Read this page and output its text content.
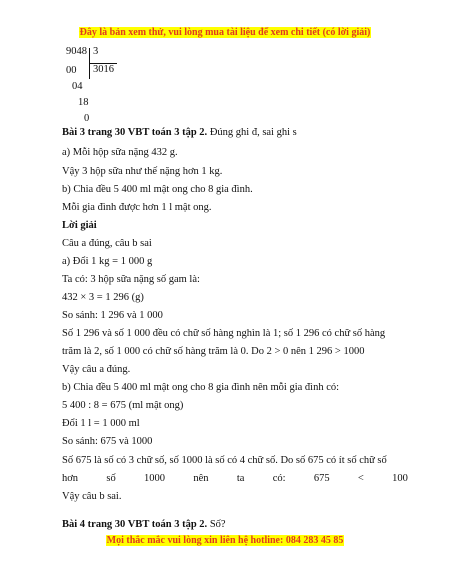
Đây là bản xem thử, vui lòng mua tài liệu để xem chi tiết (có lời giải)
9048 3
3016
00
04
18
0
Bài 3 trang 30 VBT toán 3 tập 2. Đúng ghi đ, sai ghi s
a) Mỗi hộp sữa nặng 432 g.
Vậy 3 hộp sữa như thế nặng hơn 1 kg.
b) Chia đều 5 400 ml mật ong cho 8 gia đình.
Mỗi gia đình được hơn 1 l mật ong.
Lời giải
Câu a đúng, câu b sai
a) Đổi 1 kg = 1 000 g
Ta có: 3 hộp sữa nặng số gam là:
432 × 3 = 1 296 (g)
So sánh: 1 296 và 1 000
Số 1 296 và số 1 000 đều có chữ số hàng nghìn là 1; số 1 296 có chữ số hàng
trăm là 2, số 1 000 có chữ số hàng trăm là 0. Do 2 > 0 nên 1 296 > 1000
Vậy câu a đúng.
b) Chia đều 5 400 ml mật ong cho 8 gia đình nên mỗi gia đình có:
5 400 : 8 = 675 (ml mật ong)
Đổi 1 l = 1 000 ml
So sánh: 675 và 1000
Số 675 là số có 3 chữ số, số 1000 là số có 4 chữ số. Do số 675 có ít số chữ số
hơn	số	1000	nên	ta	có:	675	<	100
Vậy câu b sai.
Bài 4 trang 30 VBT toán 3 tập 2. Số?
Mọi thắc mắc vui lòng xin liên hệ hotline: 084 283 45 85
